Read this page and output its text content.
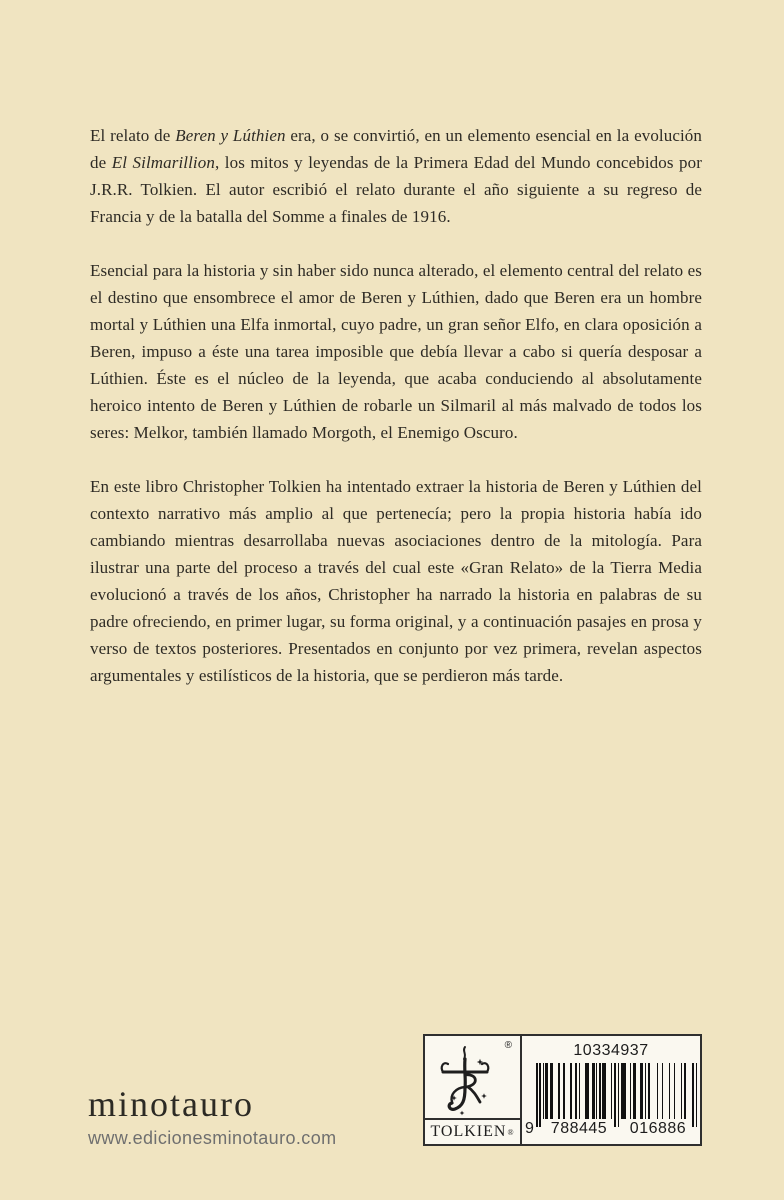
El relato de Beren y Lúthien era, o se convirtió, en un elemento esencial en la evolución de El Silmarillion, los mitos y leyendas de la Primera Edad del Mundo concebidos por J.R.R. Tolkien. El autor escribió el relato durante el año siguiente a su regreso de Francia y de la batalla del Somme a finales de 1916.

Esencial para la historia y sin haber sido nunca alterado, el elemento central del relato es el destino que ensombrece el amor de Beren y Lúthien, dado que Beren era un hombre mortal y Lúthien una Elfa inmortal, cuyo padre, un gran señor Elfo, en clara oposición a Beren, impuso a éste una tarea imposible que debía llevar a cabo si quería desposar a Lúthien. Éste es el núcleo de la leyenda, que acaba conduciendo al absolutamente heroico intento de Beren y Lúthien de robarle un Silmaril al más malvado de todos los seres: Melkor, también llamado Morgoth, el Enemigo Oscuro.

En este libro Christopher Tolkien ha intentado extraer la historia de Beren y Lúthien del contexto narrativo más amplio al que pertenecía; pero la propia historia había ido cambiando mientras desarrollaba nuevas asociaciones dentro de la mitología. Para ilustrar una parte del proceso a través del cual este «Gran Relato» de la Tierra Media evolucionó a través de los años, Christopher ha narrado la historia en palabras de su padre ofreciendo, en primer lugar, su forma original, y a continuación pasajes en prosa y verso de textos posteriores. Presentados en conjunto por vez primera, revelan aspectos argumentales y estilísticos de la historia, que se perdieron más tarde.

minotauro
www.edicionesminotauro.com
®
TOLKIEN ®
10334937
9	788445	016886
